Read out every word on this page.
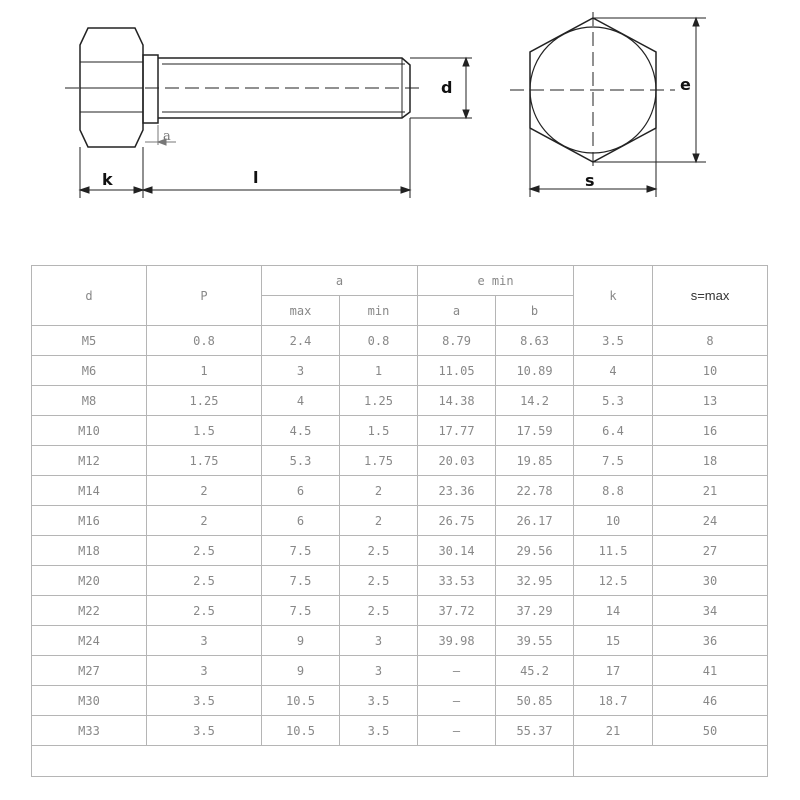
d
a
k	l
e
s
d	P	a		e min		k	s=max
		max	min	a	b		
M5	0.8	2.4	0.8	8.79	8.63	3.5	8
M6	1	3	1	11.05	10.89	4	10
M8	1.25	4	1.25	14.38	14.2	5.3	13
M10	1.5	4.5	1.5	17.77	17.59	6.4	16
M12	1.75	5.3	1.75	20.03	19.85	7.5	18
M14	2	6	2	23.36	22.78	8.8	21
M16	2	6	2	26.75	26.17	10	24
M18	2.5	7.5	2.5	30.14	29.56	11.5	27
M20	2.5	7.5	2.5	33.53	32.95	12.5	30
M22	2.5	7.5	2.5	37.72	37.29	14	34
M24	3	9	3	39.98	39.55	15	36
M27	3	9	3	—	45.2	17	41
M30	3.5	10.5	3.5	—	50.85	18.7	46
M33	3.5	10.5	3.5	—	55.37	21	50
